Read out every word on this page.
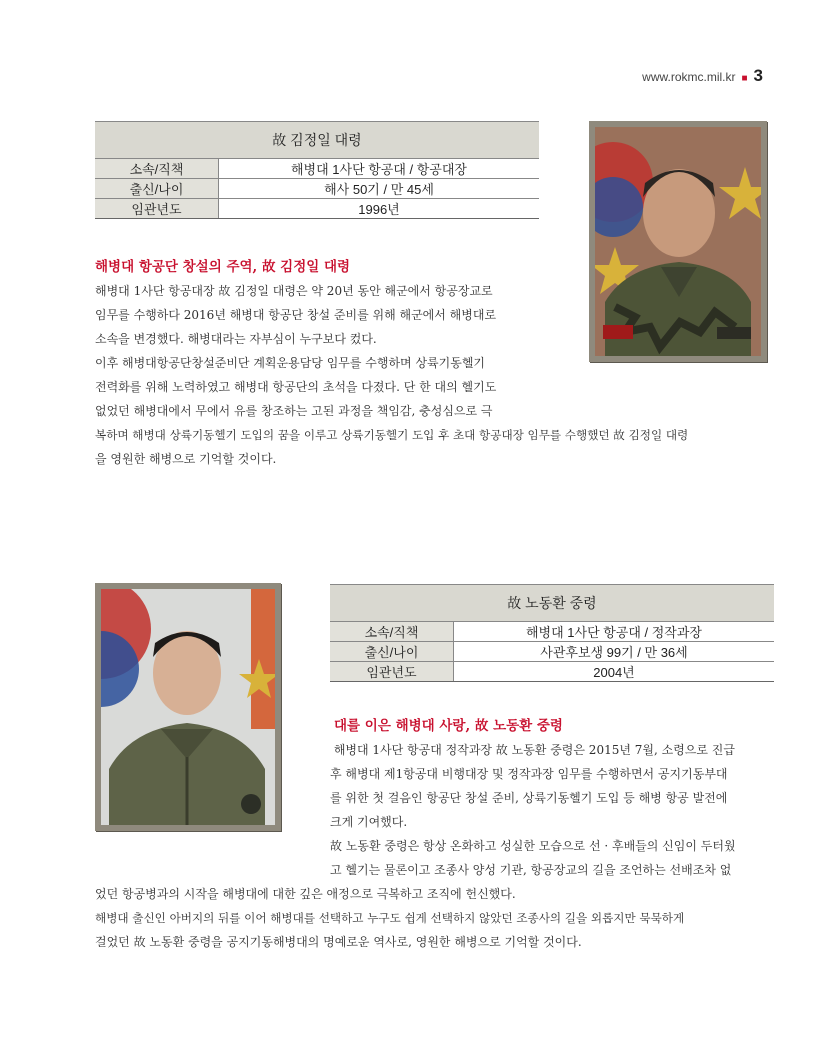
www.rokmc.mil.kr ■ 3
故 김정일 대령	
소속/직책	해병대 1사단 항공대 / 항공대장
출신/나이	해사 50기 / 만 45세
임관년도	1996년
해병대 항공단 창설의 주역, 故 김정일 대령
해병대 1사단 항공대장 故 김정일 대령은 약 20년 동안 해군에서 항공장교로
임무를 수행하다 2016년 해병대 항공단 창설 준비를 위해 해군에서 해병대로
소속을 변경했다. 해병대라는 자부심이 누구보다 컸다.
이후 해병대항공단창설준비단 계획운용담당 임무를 수행하며 상륙기동헬기
전력화를 위해 노력하였고 해병대 항공단의 초석을 다졌다. 단 한 대의 헬기도
없었던 해병대에서 무에서 유를 창조하는 고된 과정을 책임감, 충성심으로 극
복하며 해병대 상륙기동헬기 도입의 꿈을 이루고 상륙기동헬기 도입 후 초대 항공대장 임무를 수행했던 故 김정일 대령
을 영원한 해병으로 기억할 것이다.
故 노동환 중령	
소속/직책	해병대 1사단 항공대 / 정작과장
출신/나이	사관후보생 99기 / 만 36세
임관년도	2004년
대를 이은 해병대 사랑, 故 노동환 중령
해병대 1사단 항공대 정작과장 故 노동환 중령은 2015년 7월, 소령으로 진급
후 해병대 제1항공대 비행대장 및 정작과장 임무를 수행하면서 공지기동부대
를 위한 첫 걸음인 항공단 창설 준비, 상륙기동헬기 도입 등 해병 항공 발전에
크게 기여했다.
故 노동환 중령은 항상 온화하고 성실한 모습으로 선 · 후배들의 신임이 두터웠
고 헬기는 물론이고 조종사 양성 기관, 항공장교의 길을 조언하는 선배조차 없
었던 항공병과의 시작을 해병대에 대한 깊은 애정으로 극복하고 조직에 헌신했다.
해병대 출신인 아버지의 뒤를 이어 해병대를 선택하고 누구도 쉽게 선택하지 않았던 조종사의 길을 외롭지만 묵묵하게
걸었던 故 노동환 중령을 공지기동해병대의 명예로운 역사로, 영원한 해병으로 기억할 것이다.
